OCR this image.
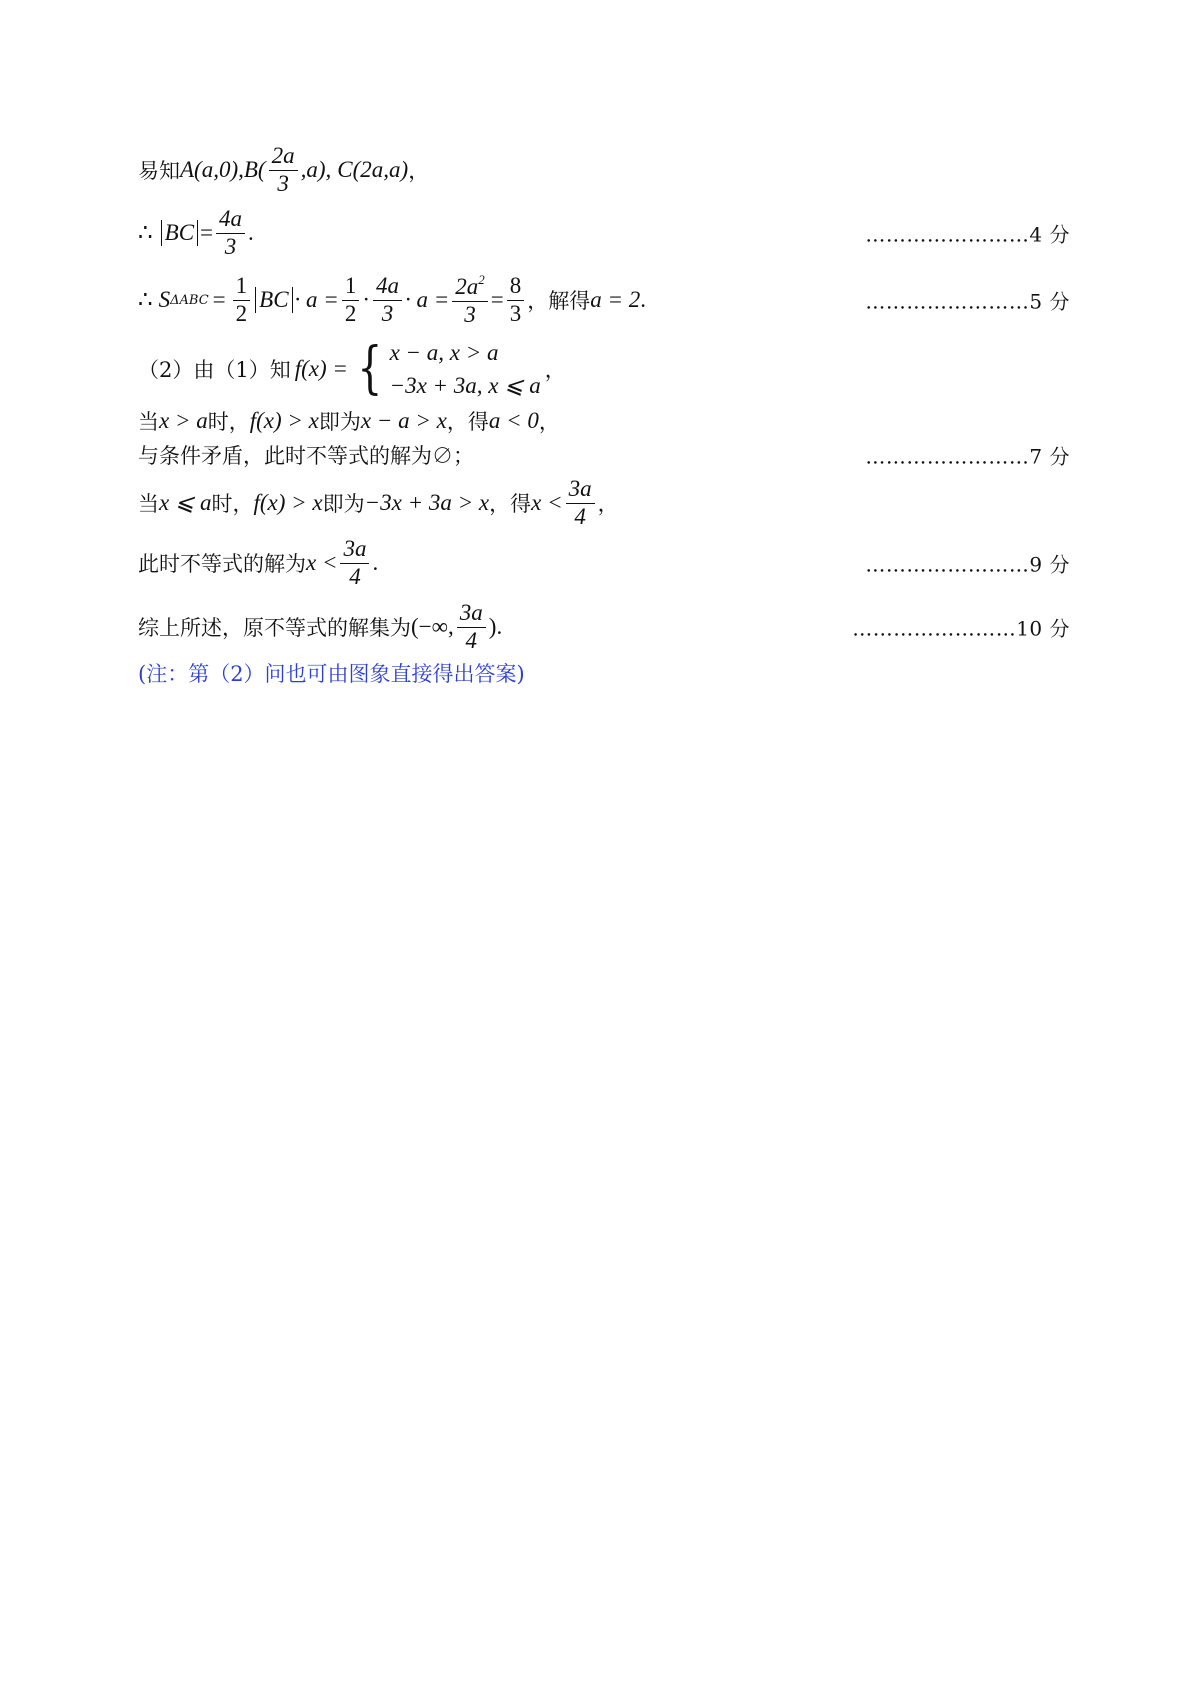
易知 A(a,0), $B( \frac{2a}{3} ,a)$, C(2a,a) ，
∴ BC = $\frac{4a}{3}$ .	……………………4 分
∴ S $\Delta ABC = \frac{1}{2}$ BC · $a = \frac{1}{2} \cdot \frac{4a}{3} \cdot a = \frac{2a^2}{3} = \frac{8}{3}$ ，解得 a = 2 .	……………………5 分
（2）由（1）知 f(x) = { x − a, x > a
−3x + 3a, x ⩽ a
，
当 x > a 时， f(x) > x 即为 x − a > x ，得 a < 0 ，
与条件矛盾，此时不等式的解为∅；	……………………7 分
当 x ⩽ a 时， f(x) > x 即为 −3x + 3a > x ，得 $x < \frac{3a}{4}$ ，
此时不等式的解为 $x < \frac{3a}{4}$ .	……………………9 分
综上所述，原不等式的解集为 (−∞, $\frac{3a}{4}$ ) .	……………………10 分
(注：第（2）问也可由图象直接得出答案)
